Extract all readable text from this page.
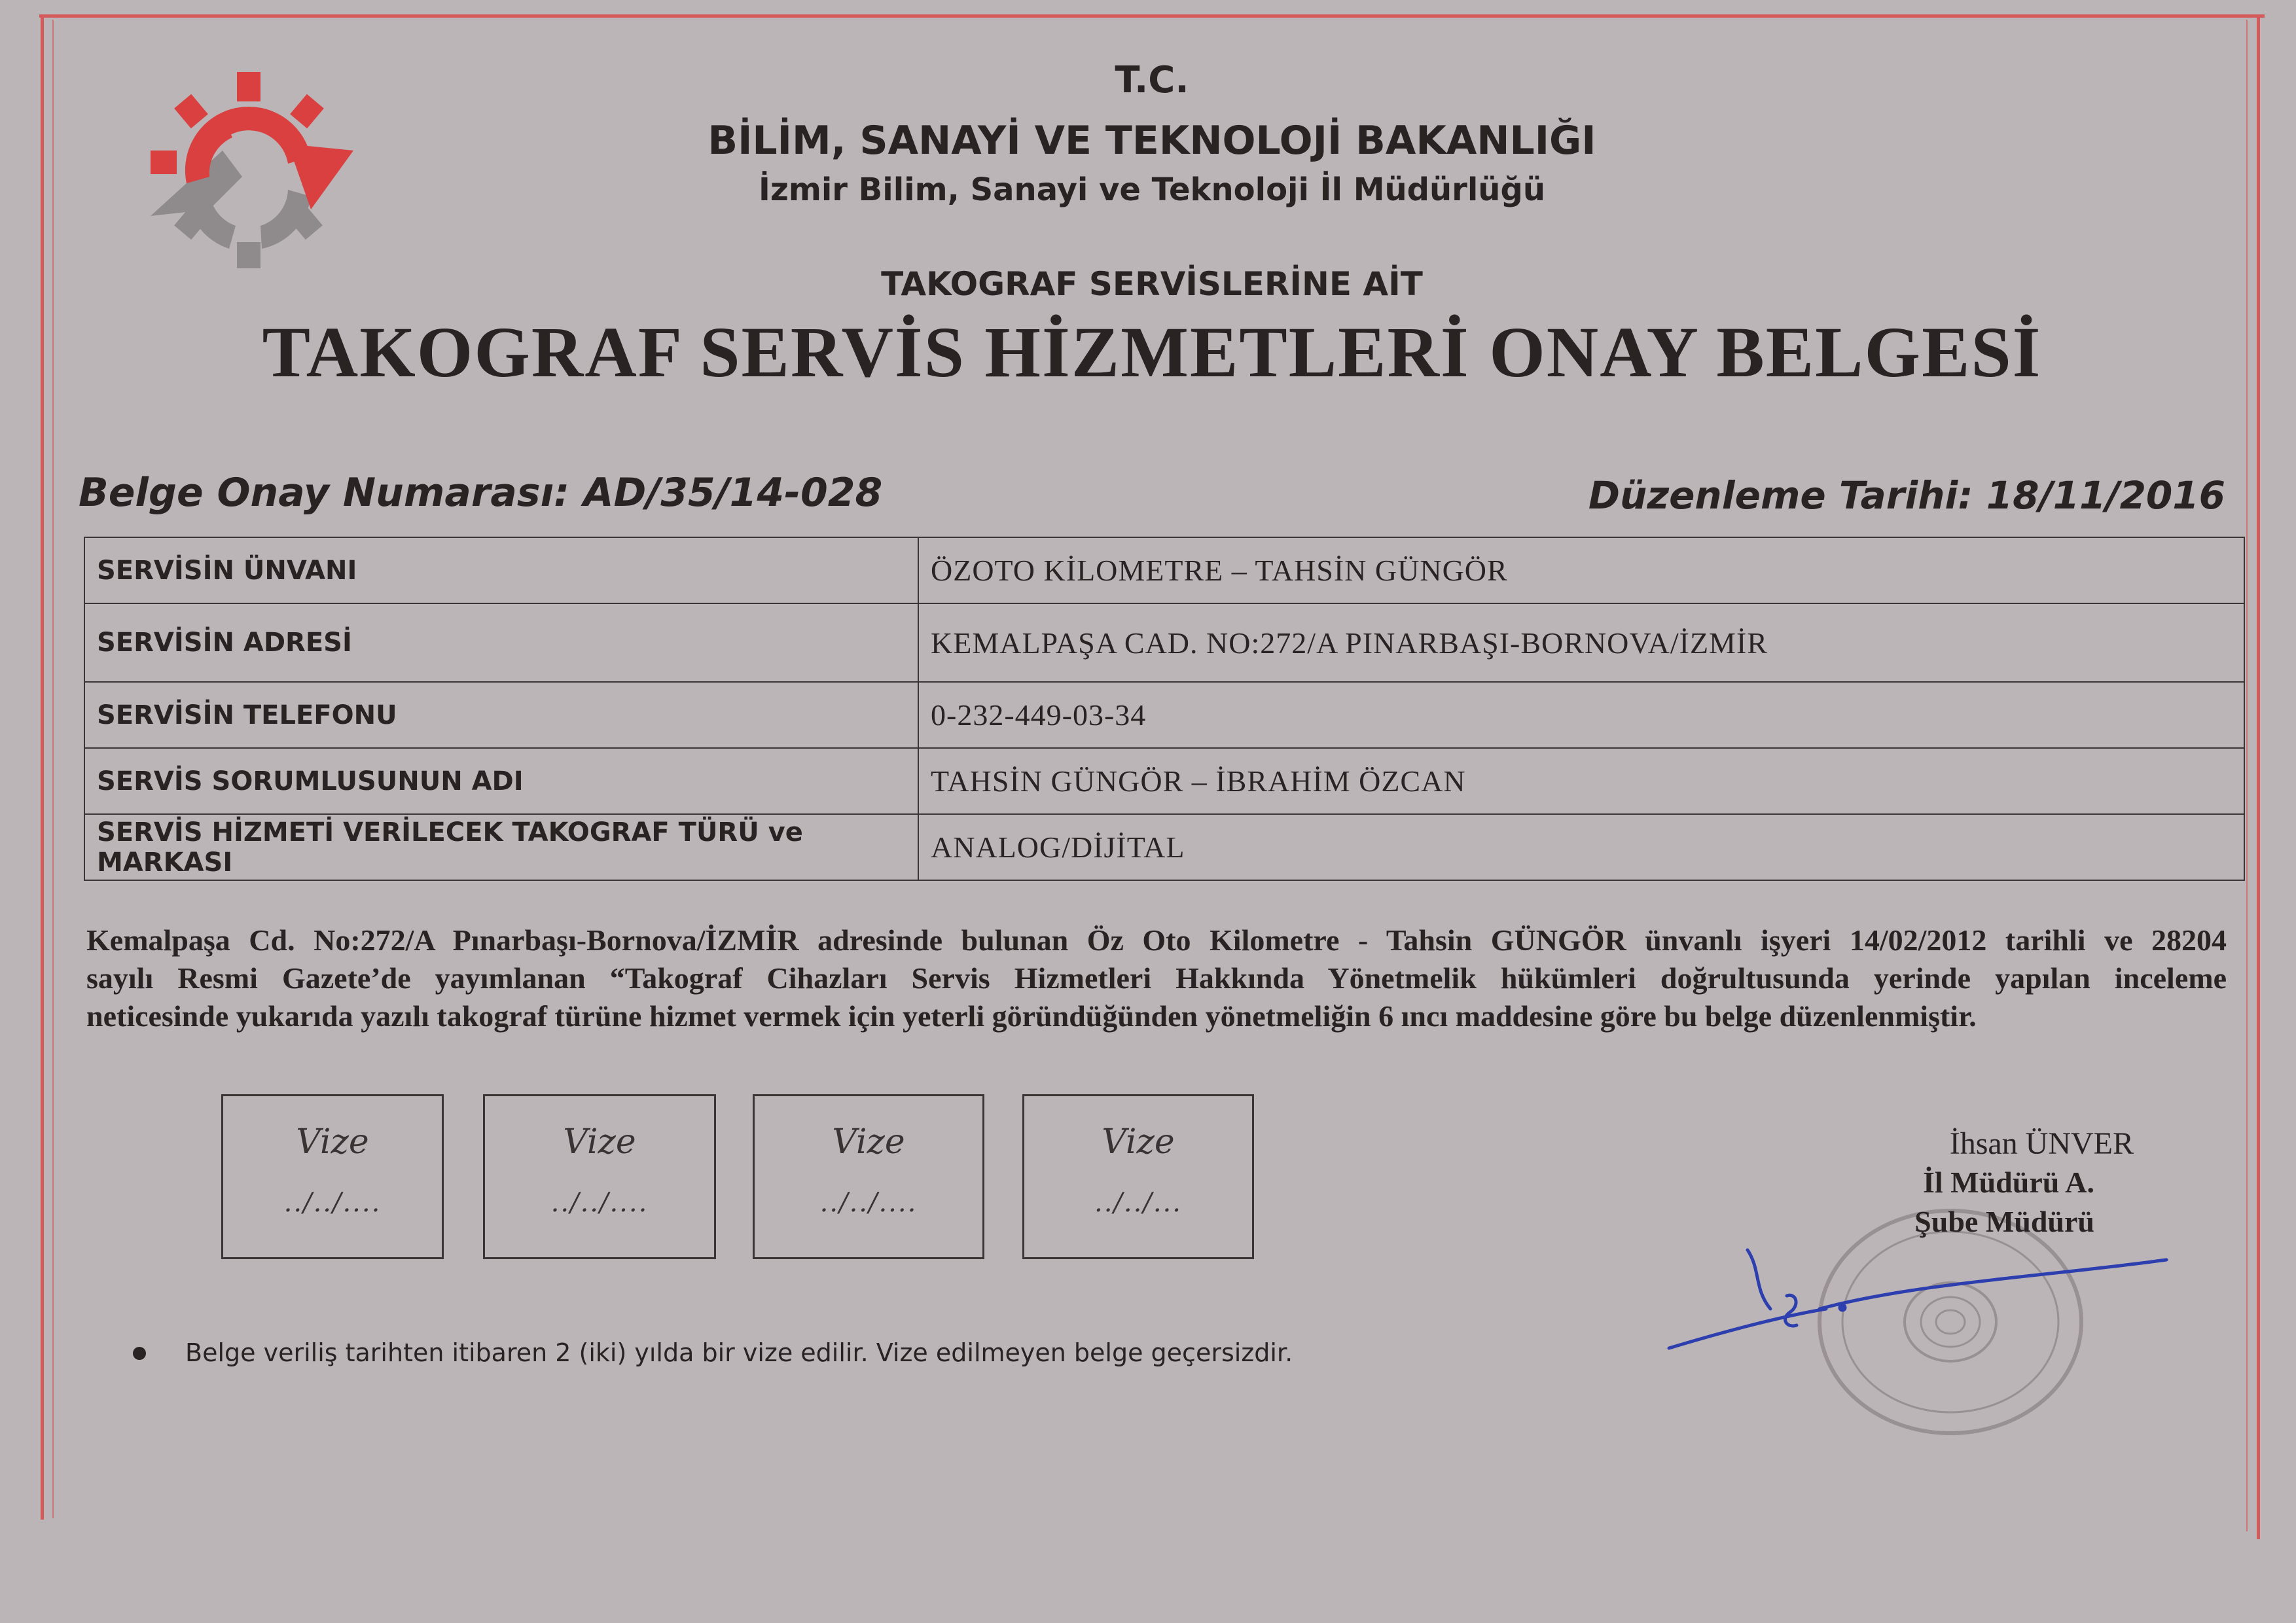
T.C.
BİLİM, SANAYİ VE TEKNOLOJİ BAKANLIĞI
İzmir Bilim, Sanayi ve Teknoloji İl Müdürlüğü
TAKOGRAF SERVİSLERİNE AİT
TAKOGRAF SERVİS HİZMETLERİ ONAY BELGESİ
Belge Onay Numarası: AD/35/14-028	Düzenleme Tarihi: 18/11/2016
SERVİSİN ÜNVANI	ÖZOTO KİLOMETRE – TAHSİN GÜNGÖR
SERVİSİN ADRESİ	KEMALPAŞA CAD. NO:272/A PINARBAŞI-BORNOVA/İZMİR
SERVİSİN TELEFONU	0-232-449-03-34
SERVİS SORUMLUSUNUN ADI	TAHSİN GÜNGÖR – İBRAHİM ÖZCAN
SERVİS HİZMETİ VERİLECEK TAKOGRAF TÜRÜ ve MARKASI	ANALOG/DİJİTAL
Kemalpaşa Cd. No:272/A Pınarbaşı-Bornova/İZMİR adresinde bulunan Öz Oto Kilometre - Tahsin GÜNGÖR ünvanlı işyeri 14/02/2012 tarihli ve 28204
sayılı Resmi Gazete’de yayımlanan “Takograf Cihazları Servis Hizmetleri Hakkında Yönetmelik hükümleri doğrultusunda yerinde yapılan inceleme
neticesinde yukarıda yazılı takograf türüne hizmet vermek için yeterli göründüğünden yönetmeliğin 6 ıncı maddesine göre bu belge düzenlenmiştir.
Vize
../../....
Vize
../../....
Vize
../../....
Vize
../../...
Belge veriliş tarihten itibaren 2 (iki) yılda bir vize edilir. Vize edilmeyen belge geçersizdir.
İhsan ÜNVER
İl Müdürü A.
Şube Müdürü
